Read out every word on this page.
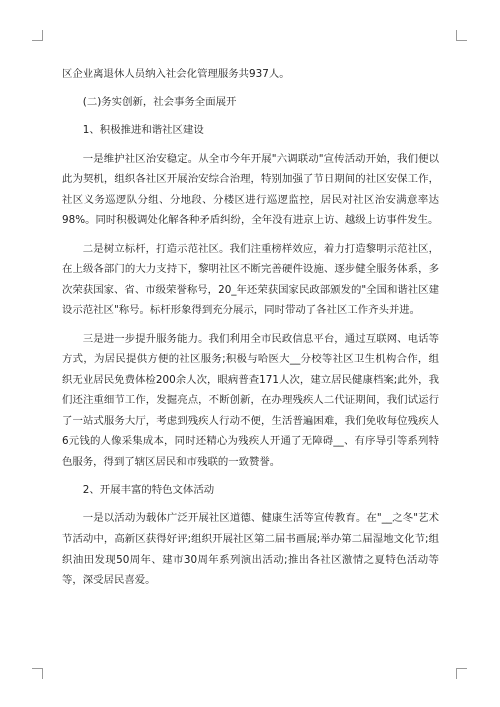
区企业离退休人员纳入社会化管理服务共937人。

(二)务实创新，社会事务全面展开

1、积极推进和谐社区建设

一是维护社区治安稳定。从全市今年开展"六调联动"宣传活动开始，我们便以此为契机，组织各社区开展治安综合治理，特别加强了节日期间的社区安保工作，社区义务巡逻队分组、分地段、分楼区进行巡逻监控，居民对社区治安满意率达98%。同时积极调处化解各种矛盾纠纷，全年没有进京上访、越级上访事件发生。

二是树立标杆，打造示范社区。我们注重榜样效应，着力打造黎明示范社区，在上级各部门的大力支持下，黎明社区不断完善硬件设施、逐步健全服务体系，多次荣获国家、省、市级荣誉称号，20_年还荣获国家民政部颁发的"全国和谐社区建设示范社区"称号。标杆形象得到充分展示，同时带动了各社区工作齐头并进。

三是进一步提升服务能力。我们利用全市民政信息平台，通过互联网、电话等方式，为居民提供方便的社区服务;积极与哈医大__分校等社区卫生机构合作，组织无业居民免费体检200余人次，眼病普查171人次，建立居民健康档案;此外，我们还注重细节工作，发掘亮点，不断创新，在办理残疾人二代证期间，我们试运行了一站式服务大厅，考虑到残疾人行动不便，生活普遍困难，我们免收每位残疾人6元钱的人像采集成本，同时还精心为残疾人开通了无障碍__、有序导引等系列特色服务，得到了辖区居民和市残联的一致赞誉。

2、开展丰富的特色文体活动

一是以活动为载体广泛开展社区道德、健康生活等宣传教育。在"__之冬"艺术节活动中，高新区获得好评;组织开展社区第二届书画展;举办第二届湿地文化节;组织油田发现50周年、建市30周年系列演出活动;推出各社区激情之夏特色活动等等，深受居民喜爱。
